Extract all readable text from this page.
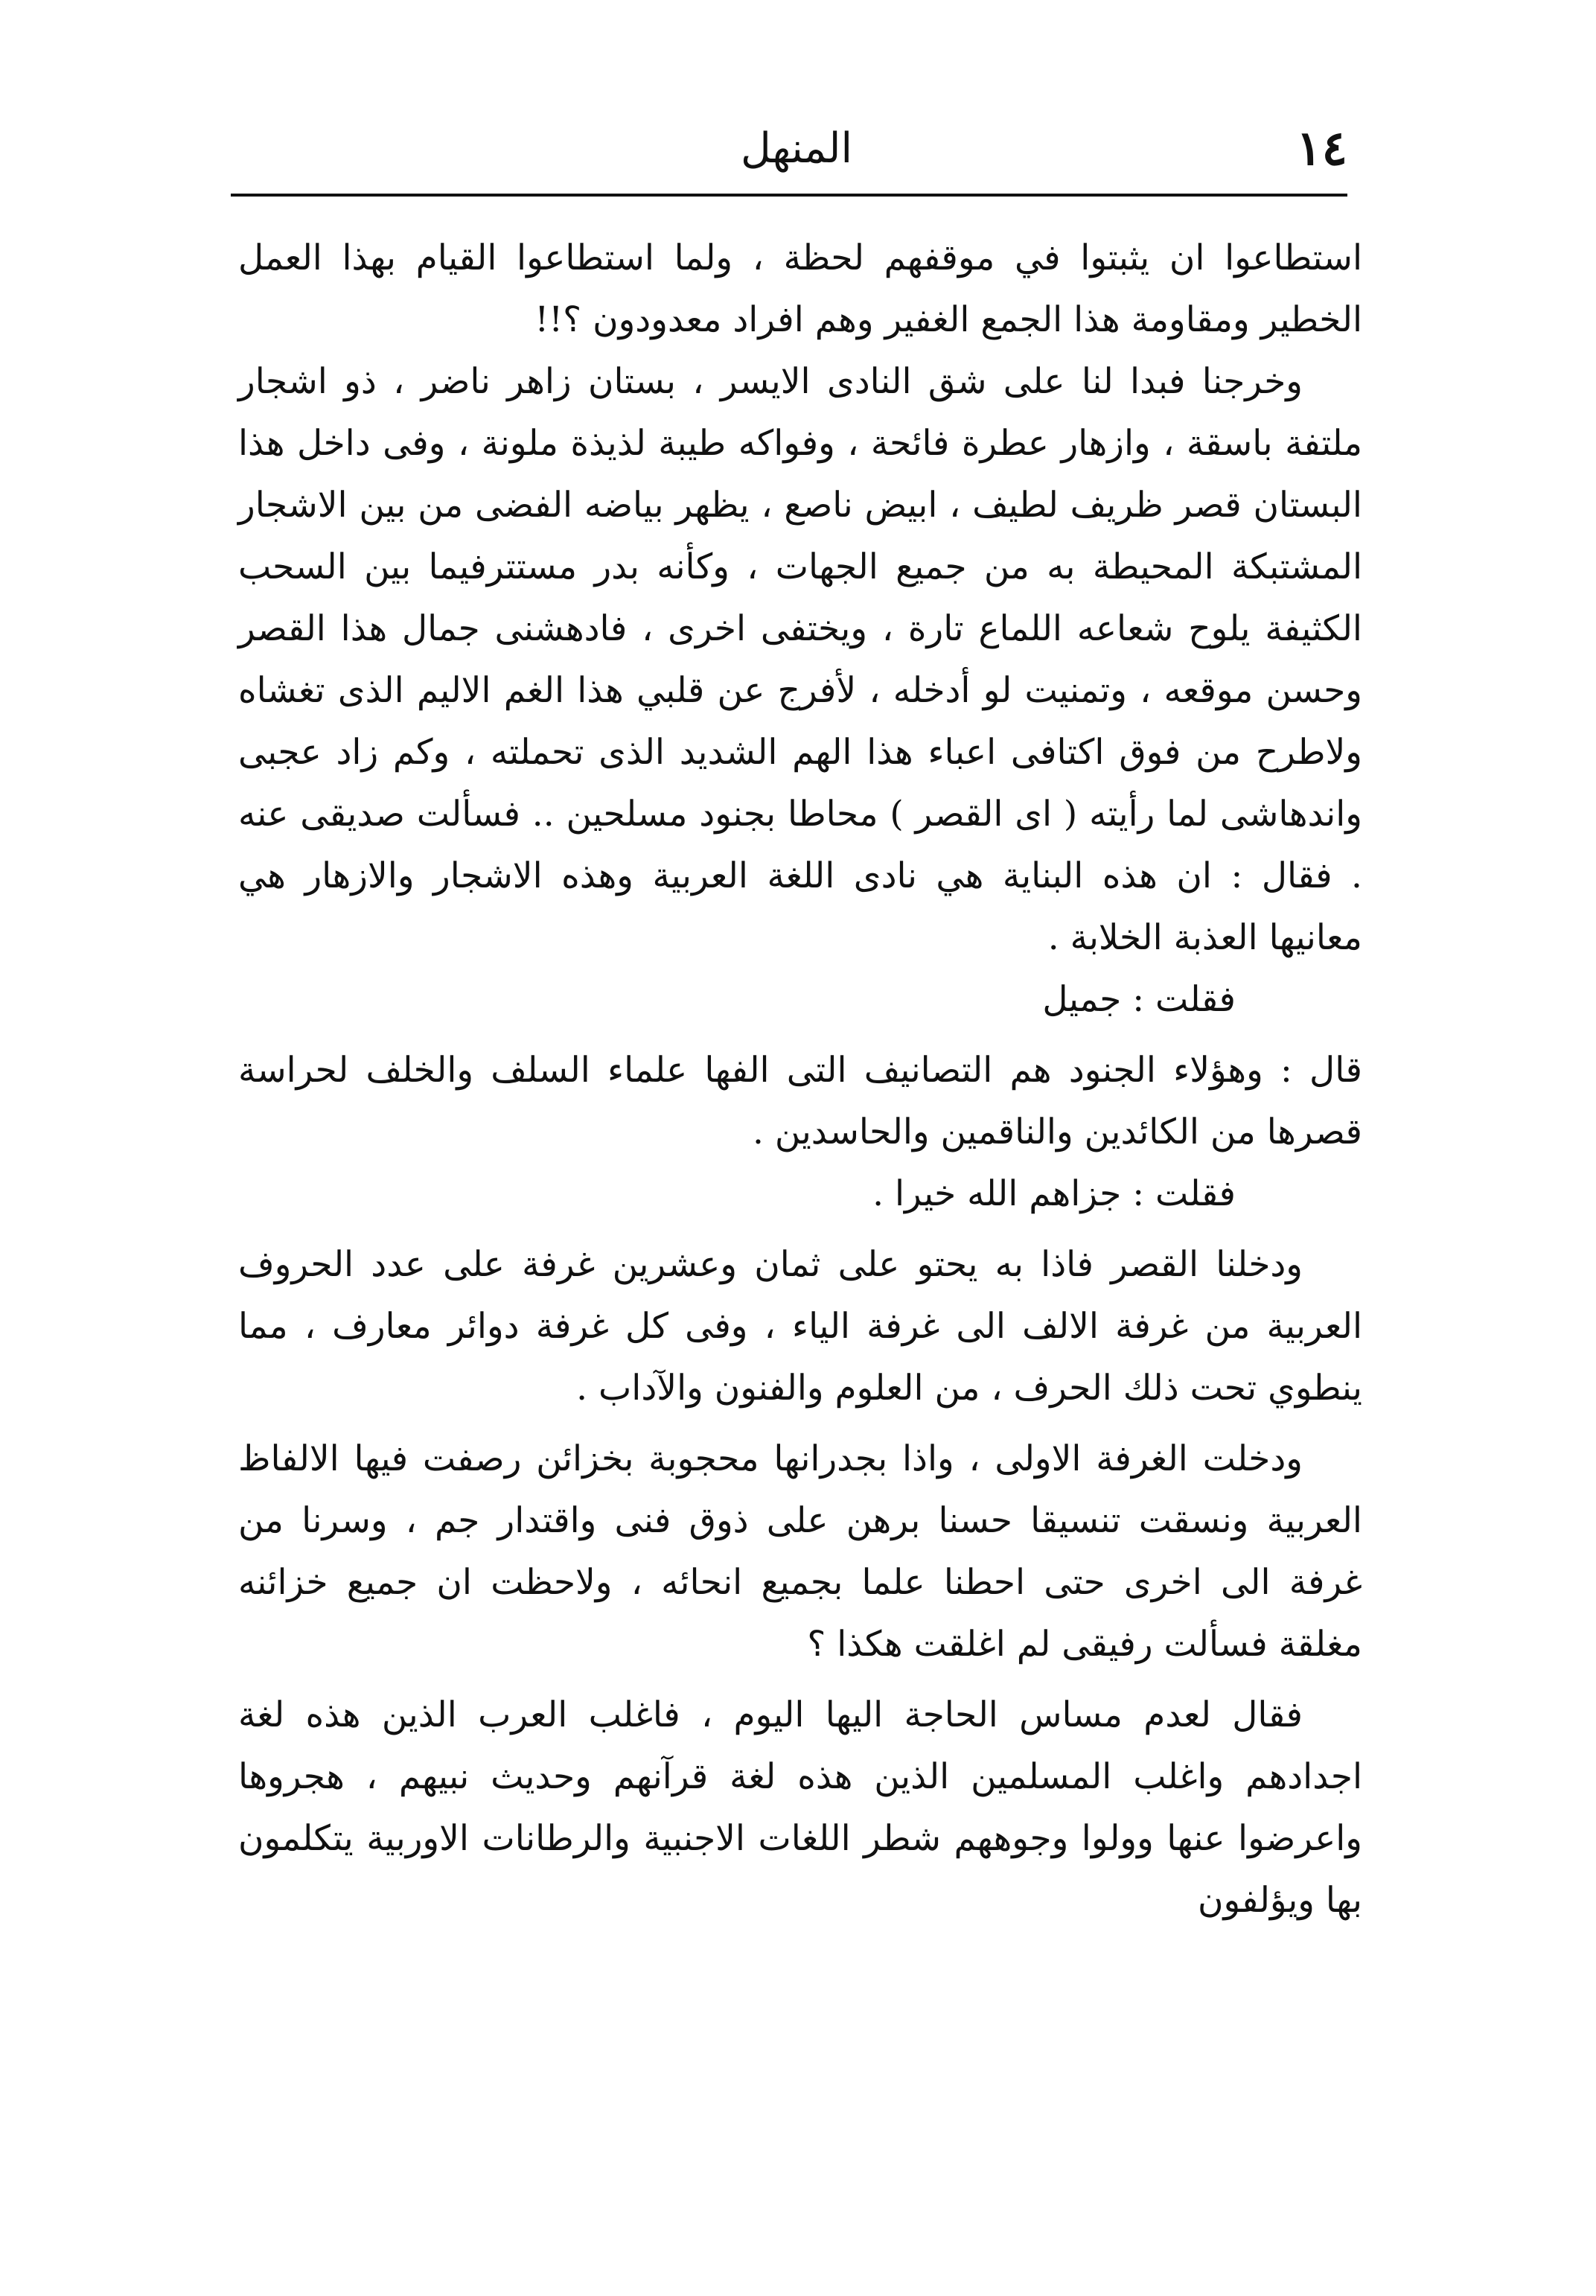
١٤
المنهل

استطاعوا ان يثبتوا في موقفهم لحظة ، ولما استطاعوا القيام بهذا العمل الخطير ومقاومة هذا الجمع الغفير وهم افراد معدودون ؟!!

وخرجنا فبدا لنا على شق النادى الايسر ، بستان زاهر ناضر ، ذو اشجار ملتفة باسقة ، وازهار عطرة فائحة ، وفواكه طيبة لذيذة ملونة ، وفى داخل هذا البستان قصر ظريف لطيف ، ابيض ناصع ، يظهر بياضه الفضى من بين الاشجار المشتبكة المحيطة به من جميع الجهات ، وكأنه بدر مستترفيما بين السحب الكثيفة يلوح شعاعه اللماع تارة ، ويختفى اخرى ، فادهشنى جمال هذا القصر وحسن موقعه ، وتمنيت لو أدخله ، لأفرج عن قلبي هذا الغم الاليم الذى تغشاه ولاطرح من فوق اكتافى اعباء هذا الهم الشديد الذى تحملته ، وكم زاد عجبى واندهاشى لما رأيته ( اى القصر ) محاطا بجنود مسلحين .. فسألت صديقى عنه . فقال : ان هذه البناية هي نادى اللغة العربية وهذه الاشجار والازهار هي معانيها العذبة الخلابة .

فقلت : جميل

قال : وهؤلاء الجنود هم التصانيف التى الفها علماء السلف والخلف لحراسة قصرها من الكائدين والناقمين والحاسدين .

فقلت : جزاهم الله خيرا .

ودخلنا القصر فاذا به يحتو على ثمان وعشرين غرفة على عدد الحروف العربية من غرفة الالف الى غرفة الياء ، وفى كل غرفة دوائر معارف ، مما ينطوي تحت ذلك الحرف ، من العلوم والفنون والآداب .

ودخلت الغرفة الاولى ، واذا بجدرانها محجوبة بخزائن رصفت فيها الالفاظ العربية ونسقت تنسيقا حسنا برهن على ذوق فنى واقتدار جم ، وسرنا من غرفة الى اخرى حتى احطنا علما بجميع انحائه ، ولاحظت ان جميع خزائنه مغلقة فسألت رفيقى لم اغلقت هكذا ؟

فقال لعدم مساس الحاجة اليها اليوم ، فاغلب العرب الذين هذه لغة اجدادهم واغلب المسلمين الذين هذه لغة قرآنهم وحديث نبيهم ، هجروها واعرضوا عنها وولوا وجوههم شطر اللغات الاجنبية والرطانات الاوربية يتكلمون بها ويؤلفون
